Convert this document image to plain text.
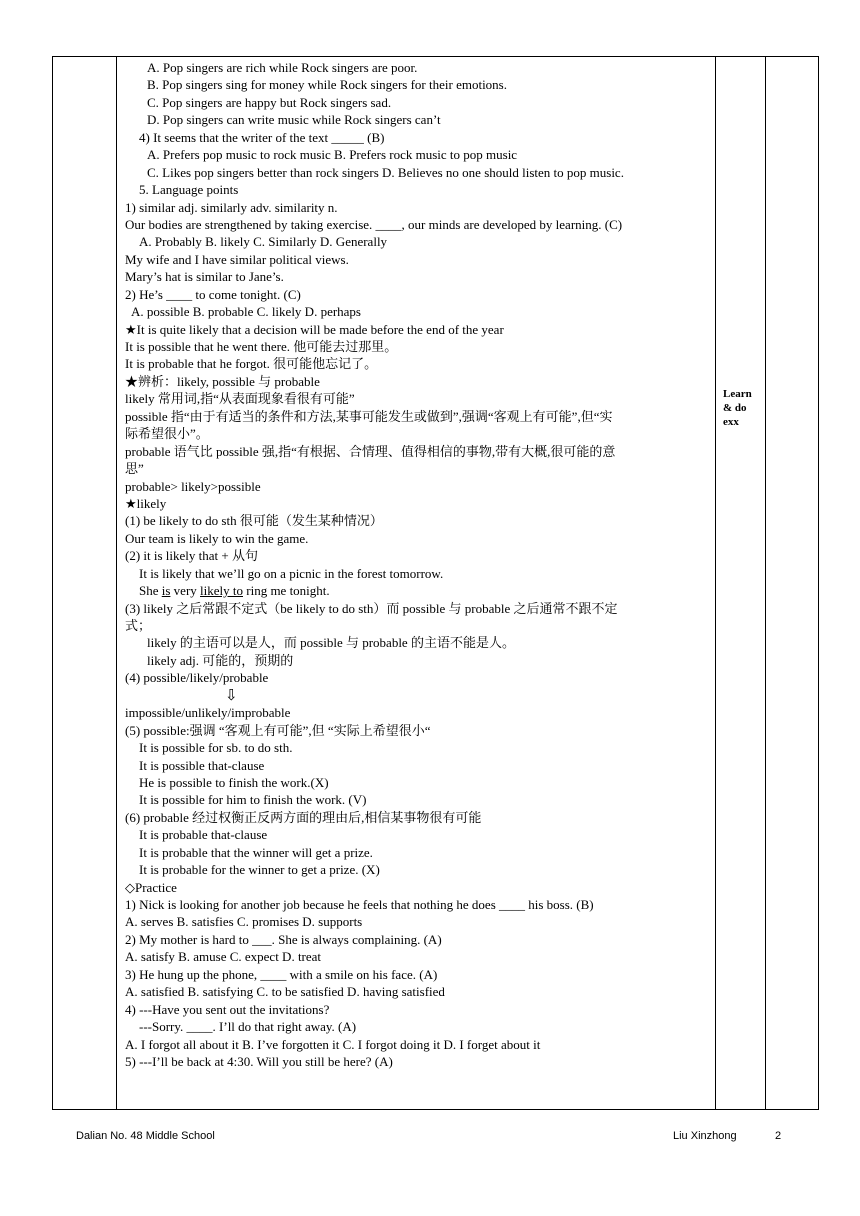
A. Pop singers are rich while Rock singers are poor.
B. Pop singers sing for money while Rock singers for their emotions.
C. Pop singers are happy but Rock singers sad.
D. Pop singers can write music while Rock singers can’t
4) It seems that the writer of the text _____ (B)
A. Prefers pop music to rock music B. Prefers rock music to pop music
C. Likes pop singers better than rock singers D. Believes no one should listen to pop music.
5. Language points
1) similar adj. similarly adv. similarity n.
Our bodies are strengthened by taking exercise. ____, our minds are developed by learning. (C)
A. Probably B. likely C. Similarly D. Generally
My wife and I have similar political views.
Mary’s hat is similar to Jane’s.
2) He’s ____ to come tonight. (C)
A. possible B. probable C. likely D. perhaps
★It is quite likely that a decision will be made before the end of the year
It is possible that he went there. 他可能去过那里。
It is probable that he forgot. 很可能他忘记了。
★辨析：likely, possible 与 probable
likely 常用词,指“从表面现象看很有可能”
possible 指“由于有适当的条件和方法,某事可能发生或做到”,强调“客观上有可能”,但“实
际希望很小”。
probable 语气比 possible 强,指“有根据、合情理、值得相信的事物,带有大概,很可能的意
思”
probable> likely>possible
★likely
(1) be likely to do sth 很可能（发生某种情况）
Our team is likely to win the game.
(2) it is likely that + 从句
It is likely that we’ll go on a picnic in the forest tomorrow.
She is very likely to ring me tonight.
(3) likely 之后常跟不定式（be likely to do sth）而 possible 与 probable 之后通常不跟不定
式；
likely 的主语可以是人，而 possible 与 probable 的主语不能是人。
likely adj. 可能的，预期的
(4) possible/likely/probable
⇩
impossible/unlikely/improbable
(5) possible:强调 “客观上有可能”,但 “实际上希望很小“
It is possible for sb. to do sth.
It is possible that-clause
He is possible to finish the work.(X)
It is possible for him to finish the work. (V)
(6) probable 经过权衡正反两方面的理由后,相信某事物很有可能
It is probable that-clause
It is probable that the winner will get a prize.
It is probable for the winner to get a prize. (X)
◇Practice
1) Nick is looking for another job because he feels that nothing he does ____ his boss. (B)
A. serves B. satisfies C. promises D. supports
2) My mother is hard to ___. She is always complaining. (A)
A. satisfy B. amuse C. expect D. treat
3) He hung up the phone, ____ with a smile on his face. (A)
A. satisfied B. satisfying C. to be satisfied D. having satisfied
4) ---Have you sent out the invitations?
---Sorry. ____. I’ll do that right away. (A)
A. I forgot all about it B. I’ve forgotten it C. I forgot doing it D. I forget about it
5) ---I’ll be back at 4:30. Will you still be here? (A)
Learn & do exx
Dalian No. 48 Middle School	Liu Xinzhong	2
